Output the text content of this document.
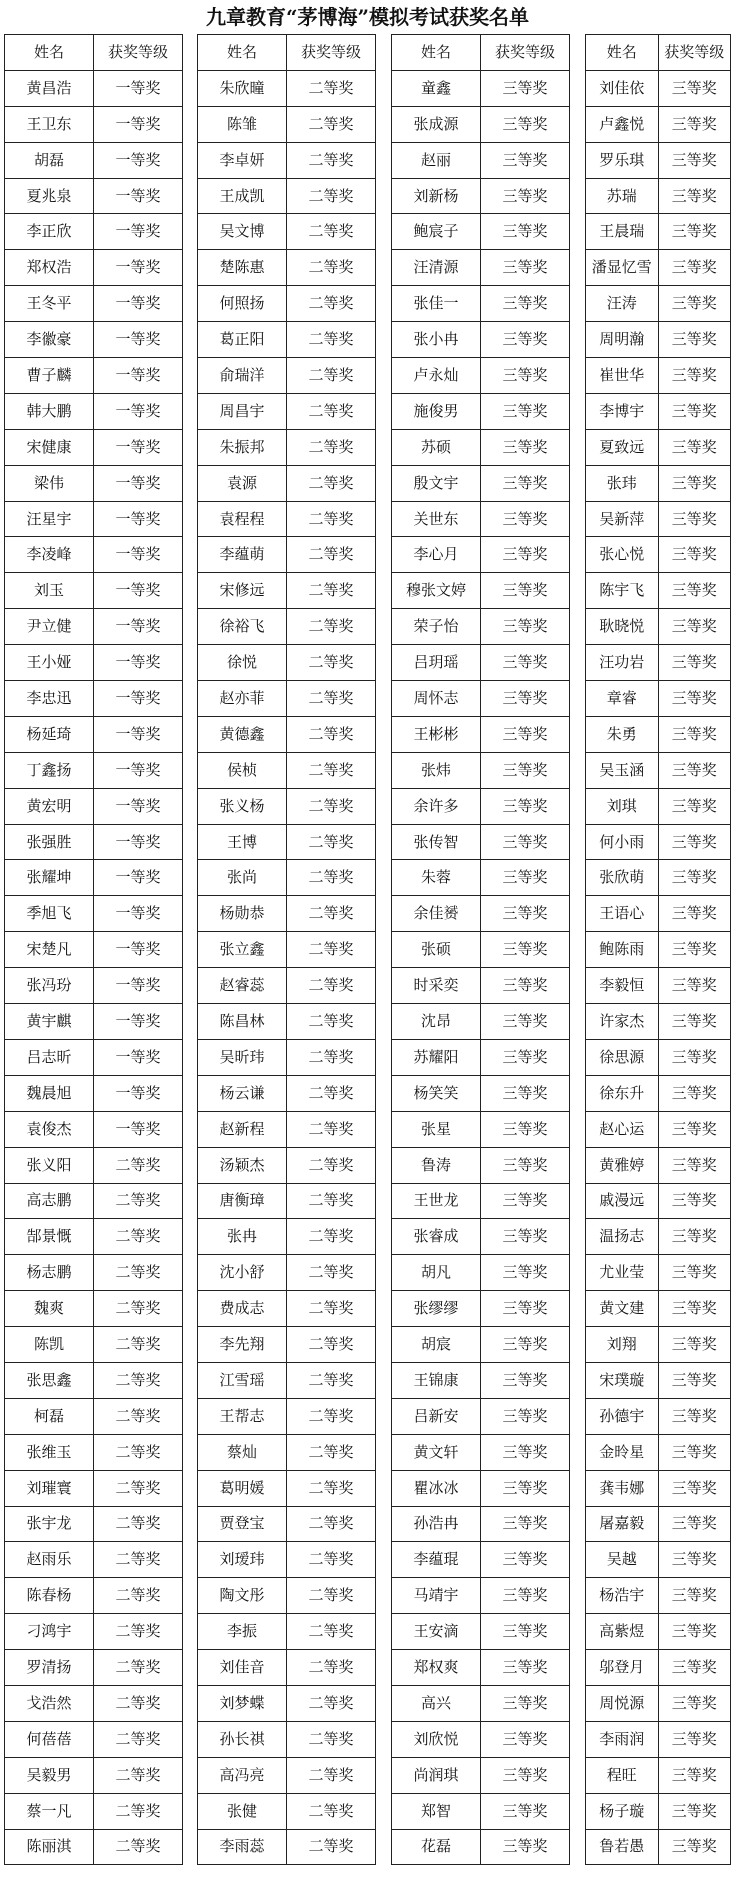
九章教育“茅博海”模拟考试获奖名单
姓名	获奖等级
黄昌浩	一等奖
王卫东	一等奖
胡磊	一等奖
夏兆泉	一等奖
李正欣	一等奖
郑权浩	一等奖
王冬平	一等奖
李徽豪	一等奖
曹子麟	一等奖
韩大鹏	一等奖
宋健康	一等奖
梁伟	一等奖
汪星宇	一等奖
李凌峰	一等奖
刘玉	一等奖
尹立健	一等奖
王小娅	一等奖
李忠迅	一等奖
杨延琦	一等奖
丁鑫扬	一等奖
黄宏明	一等奖
张强胜	一等奖
张耀坤	一等奖
季旭飞	一等奖
宋楚凡	一等奖
张冯玢	一等奖
黄宇麒	一等奖
吕志昕	一等奖
魏晨旭	一等奖
袁俊杰	一等奖
张义阳	二等奖
高志鹏	二等奖
郜景慨	二等奖
杨志鹏	二等奖
魏爽	二等奖
陈凯	二等奖
张思鑫	二等奖
柯磊	二等奖
张维玉	二等奖
刘璀寰	二等奖
张宇龙	二等奖
赵雨乐	二等奖
陈春杨	二等奖
刁鸿宇	二等奖
罗清扬	二等奖
戈浩然	二等奖
何蓓蓓	二等奖
吴毅男	二等奖
蔡一凡	二等奖
陈丽淇	二等奖
姓名	获奖等级
朱欣曈	二等奖
陈雏	二等奖
李卓妍	二等奖
王成凯	二等奖
吴文博	二等奖
楚陈惠	二等奖
何照扬	二等奖
葛正阳	二等奖
俞瑞洋	二等奖
周昌宇	二等奖
朱振邦	二等奖
袁源	二等奖
袁程程	二等奖
李蕴萌	二等奖
宋修远	二等奖
徐裕飞	二等奖
徐悦	二等奖
赵亦菲	二等奖
黄德鑫	二等奖
侯桢	二等奖
张义杨	二等奖
王博	二等奖
张尚	二等奖
杨勋恭	二等奖
张立鑫	二等奖
赵睿蕊	二等奖
陈昌林	二等奖
吴昕玮	二等奖
杨云谦	二等奖
赵新程	二等奖
汤颖杰	二等奖
唐衡璋	二等奖
张冉	二等奖
沈小舒	二等奖
费成志	二等奖
李先翔	二等奖
江雪瑶	二等奖
王帮志	二等奖
蔡灿	二等奖
葛明媛	二等奖
贾登宝	二等奖
刘瑷玮	二等奖
陶文彤	二等奖
李振	二等奖
刘佳音	二等奖
刘梦蝶	二等奖
孙长祺	二等奖
高冯亮	二等奖
张健	二等奖
李雨蕊	二等奖
姓名	获奖等级
童鑫	三等奖
张成源	三等奖
赵丽	三等奖
刘新杨	三等奖
鲍宸子	三等奖
汪清源	三等奖
张佳一	三等奖
张小冉	三等奖
卢永灿	三等奖
施俊男	三等奖
苏硕	三等奖
殷文宇	三等奖
关世东	三等奖
李心月	三等奖
穆张文婷	三等奖
荣子怡	三等奖
吕玥瑶	三等奖
周怀志	三等奖
王彬彬	三等奖
张炜	三等奖
余许多	三等奖
张传智	三等奖
朱蓉	三等奖
余佳赟	三等奖
张硕	三等奖
时采奕	三等奖
沈昂	三等奖
苏耀阳	三等奖
杨笑笑	三等奖
张星	三等奖
鲁涛	三等奖
王世龙	三等奖
张睿成	三等奖
胡凡	三等奖
张缪缪	三等奖
胡宸	三等奖
王锦康	三等奖
吕新安	三等奖
黄文轩	三等奖
瞿冰冰	三等奖
孙浩冉	三等奖
李蕴琨	三等奖
马靖宇	三等奖
王安滴	三等奖
郑权爽	三等奖
高兴	三等奖
刘欣悦	三等奖
尚润琪	三等奖
郑智	三等奖
花磊	三等奖
姓名	获奖等级
刘佳依	三等奖
卢鑫悦	三等奖
罗乐琪	三等奖
苏瑞	三等奖
王晨瑞	三等奖
潘显忆雪	三等奖
汪涛	三等奖
周明瀚	三等奖
崔世华	三等奖
李博宇	三等奖
夏致远	三等奖
张玮	三等奖
吴新萍	三等奖
张心悦	三等奖
陈宇飞	三等奖
耿晓悦	三等奖
汪功岩	三等奖
章睿	三等奖
朱勇	三等奖
吴玉涵	三等奖
刘琪	三等奖
何小雨	三等奖
张欣萌	三等奖
王语心	三等奖
鲍陈雨	三等奖
李毅恒	三等奖
许家杰	三等奖
徐思源	三等奖
徐东升	三等奖
赵心运	三等奖
黄雅婷	三等奖
戚漫远	三等奖
温扬志	三等奖
尤业莹	三等奖
黄文建	三等奖
刘翔	三等奖
宋璞璇	三等奖
孙德宇	三等奖
金昤星	三等奖
龚韦娜	三等奖
屠嘉毅	三等奖
吴越	三等奖
杨浩宇	三等奖
高紫煜	三等奖
邬登月	三等奖
周悦源	三等奖
李雨润	三等奖
程旺	三等奖
杨子璇	三等奖
鲁若愚	三等奖
